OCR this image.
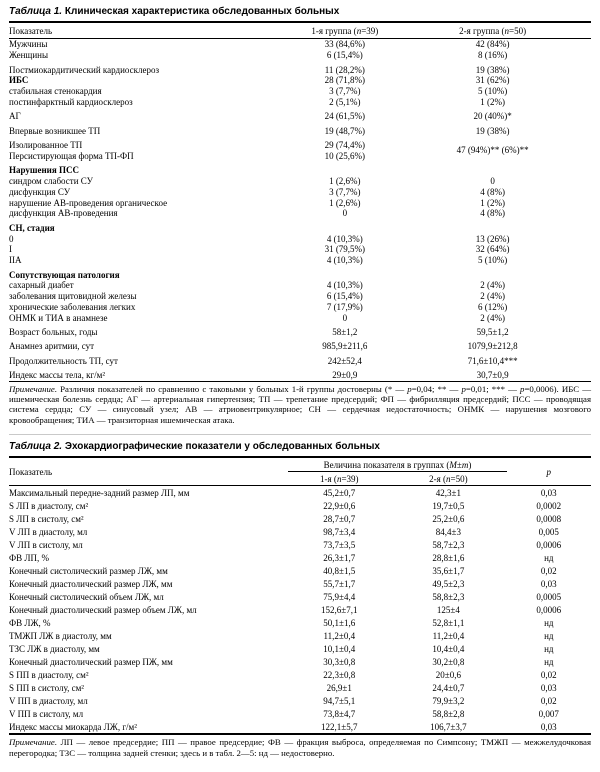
Таблица 1. Клиническая характеристика обследованных больных
Показатель	1-я группа (n=39)	2-я группа (n=50)	
Мужчины	33 (84,6%)	42 (84%)	
Женщины	6 (15,4%)	8 (16%)	
Постмиокардитический кардиосклероз	11 (28,2%)	19 (38%)	
ИБС	28 (71,8%)	31 (62%)	
стабильная стенокардия	3 (7,7%)	5 (10%)	
постинфарктный кардиосклероз	2 (5,1%)	1 (2%)	
АГ	24 (61,5%)	20 (40%)*	
Впервые возникшее ТП	19 (48,7%)	19 (38%)	
Изолированное ТП	29 (74,4%)	47 (94%)** (6%)**	
Персистирующая форма ТП-ФП	10 (25,6%)		
Нарушения ПСС			
синдром слабости СУ	1 (2,6%)	0	
дисфункция СУ	3 (7,7%)	4 (8%)	
нарушение АВ-проведения органическое	1 (2,6%)	1 (2%)	
дисфункция АВ-проведения	0	4 (8%)	
СН, стадия			
0	4 (10,3%)	13 (26%)	
I	31 (79,5%)	32 (64%)	
IIА	4 (10,3%)	5 (10%)	
Сопутствующая патология			
сахарный диабет	4 (10,3%)	2 (4%)	
заболевания щитовидной железы	6 (15,4%)	2 (4%)	
хронические заболевания легких	7 (17,9%)	6 (12%)	
ОНМК и ТИА в анамнезе	0	2 (4%)	
Возраст больных, годы	58±1,2	59,5±1,2	
Анамнез аритмии, сут	985,9±211,6	1079,9±212,8	
Продолжительность ТП, сут	242±52,4	71,6±10,4***	
Индекс массы тела, кг/м²	29±0,9	30,7±0,9	

Примечание. Различия показателей по сравнению с таковыми у больных 1-й группы достоверны (* — p=0,04; ** — p=0,01; *** — p=0,0006). ИБС — ишемическая болезнь сердца; АГ — артериальная гипертензия; ТП — трепетание предсердий; ФП — фибрилляция предсердий; ПСС — проводящая система сердца; СУ — синусовый узел; АВ — атриовентрикулярное; СН — сердечная недостаточность; ОНМК — нарушения мозгового кровообращения; ТИА — транзиторная ишемическая атака.

Таблица 2. Эхокардиографические показатели у обследованных больных
Показатель	Величина показателя в группах (M±m)		p
	1-я (n=39)	2-я (n=50)	
Максимальный передне-задний размер ЛП, мм	45,2±0,7	42,3±1	0,03
S ЛП в диастолу, см²	22,9±0,6	19,7±0,5	0,0002
S ЛП в систолу, см²	28,7±0,7	25,2±0,6	0,0008
V ЛП в диастолу, мл	98,7±3,4	84,4±3	0,005
V ЛП в систолу, мл	73,7±3,5	58,7±2,3	0,0006
ФВ ЛП, %	26,3±1,7	28,8±1,6	нд
Конечный систолический размер ЛЖ, мм	40,8±1,5	35,6±1,7	0,02
Конечный диастолический размер ЛЖ, мм	55,7±1,7	49,5±2,3	0,03
Конечный систолический объем ЛЖ, мл	75,9±4,4	58,8±2,3	0,0005
Конечный диастолический размер объем ЛЖ, мл	152,6±7,1	125±4	0,0006
ФВ ЛЖ, %	50,1±1,6	52,8±1,1	нд
ТМЖП ЛЖ в диастолу, мм	11,2±0,4	11,2±0,4	нд
ТЗС ЛЖ в диастолу, мм	10,1±0,4	10,4±0,4	нд
Конечный диастолический размер ПЖ, мм	30,3±0,8	30,2±0,8	нд
S ПП в диастолу, см²	22,3±0,8	20±0,6	0,02
S ПП в систолу, см²	26,9±1	24,4±0,7	0,03
V ПП в диастолу, мл	94,7±5,1	79,9±3,2	0,02
V ПП в систолу, мл	73,8±4,7	58,8±2,8	0,007
Индекс массы миокарда ЛЖ, г/м²	122,1±5,7	106,7±3,7	0,03

Примечание. ЛП — левое предсердие; ПП — правое предсердие; ФВ — фракция выброса, определяемая по Симпсону; ТМЖП — межжелудочковая перегородка; ТЗС — толщина задней стенки; здесь и в табл. 2—5: нд — недостоверно.
